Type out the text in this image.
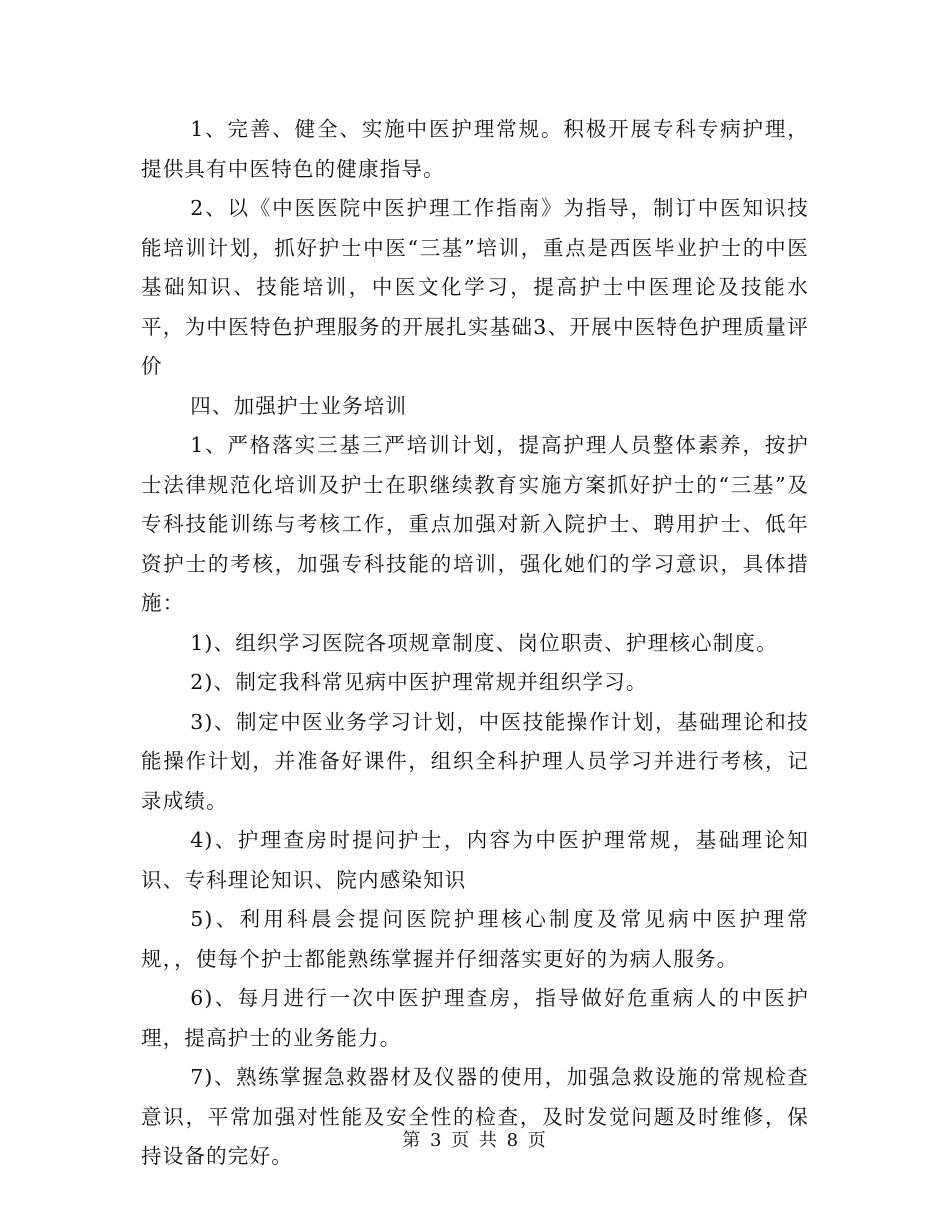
1、完善、健全、实施中医护理常规。积极开展专科专病护理，提供具有中医特色的健康指导。

2、以《中医医院中医护理工作指南》为指导，制订中医知识技能培训计划，抓好护士中医“三基”培训，重点是西医毕业护士的中医基础知识、技能培训，中医文化学习，提高护士中医理论及技能水平，为中医特色护理服务的开展扎实基础3、开展中医特色护理质量评价

四、加强护士业务培训

1、严格落实三基三严培训计划，提高护理人员整体素养，按护士法律规范化培训及护士在职继续教育实施方案抓好护士的“三基”及专科技能训练与考核工作，重点加强对新入院护士、聘用护士、低年资护士的考核，加强专科技能的培训，强化她们的学习意识，具体措施：

1)、组织学习医院各项规章制度、岗位职责、护理核心制度。

2)、制定我科常见病中医护理常规并组织学习。

3)、制定中医业务学习计划，中医技能操作计划，基础理论和技能操作计划，并准备好课件，组织全科护理人员学习并进行考核，记录成绩。

4)、护理查房时提问护士，内容为中医护理常规，基础理论知识、专科理论知识、院内感染知识

5)、利用科晨会提问医院护理核心制度及常见病中医护理常规，，使每个护士都能熟练掌握并仔细落实更好的为病人服务。

6)、每月进行一次中医护理查房，指导做好危重病人的中医护理，提高护士的业务能力。

7)、熟练掌握急救器材及仪器的使用，加强急救设施的常规检查意识，平常加强对性能及安全性的检查，及时发觉问题及时维修，保持设备的完好。

第 3 页 共 8 页
